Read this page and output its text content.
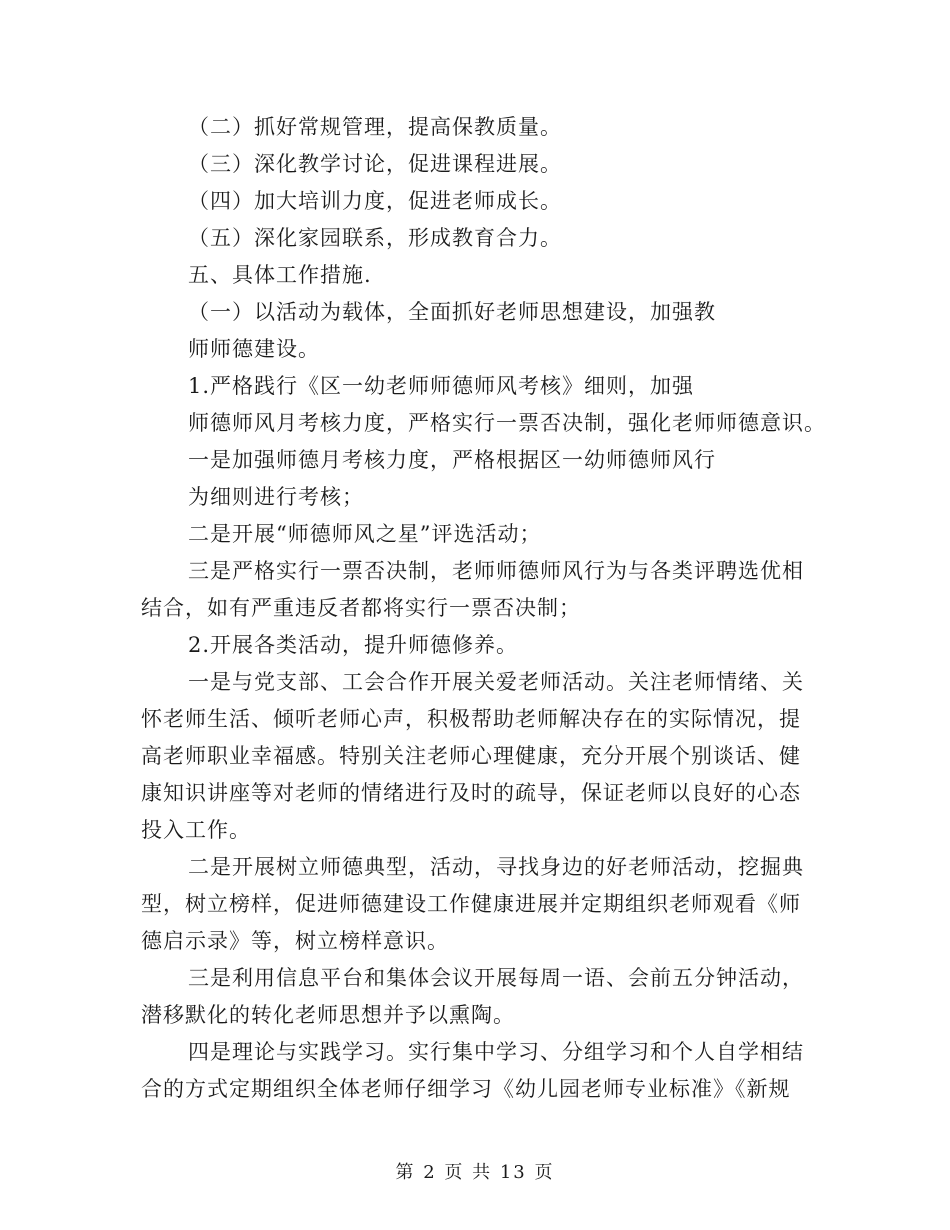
（二）抓好常规管理，提高保教质量。
（三）深化教学讨论，促进课程进展。
（四）加大培训力度，促进老师成长。
（五）深化家园联系，形成教育合力。
五、具体工作措施.
（一）以活动为载体，全面抓好老师思想建设，加强教
师师德建设。
1.严格践行《区一幼老师师德师风考核》细则，加强
师德师风月考核力度，严格实行一票否决制，强化老师师德意识。
一是加强师德月考核力度，严格根据区一幼师德师风行
为细则进行考核；
二是开展“师德师风之星”评选活动；
三是严格实行一票否决制，老师师德师风行为与各类评聘选优相
结合，如有严重违反者都将实行一票否决制；
2.开展各类活动，提升师德修养。
一是与党支部、工会合作开展关爱老师活动。关注老师情绪、关
怀老师生活、倾听老师心声，积极帮助老师解决存在的实际情况，提
高老师职业幸福感。特别关注老师心理健康，充分开展个别谈话、健
康知识讲座等对老师的情绪进行及时的疏导，保证老师以良好的心态
投入工作。
二是开展树立师德典型，活动，寻找身边的好老师活动，挖掘典
型，树立榜样，促进师德建设工作健康进展并定期组织老师观看《师
德启示录》等，树立榜样意识。
三是利用信息平台和集体会议开展每周一语、会前五分钟活动，
潜移默化的转化老师思想并予以熏陶。
四是理论与实践学习。实行集中学习、分组学习和个人自学相结
合的方式定期组织全体老师仔细学习《幼儿园老师专业标准》《新规
第 2 页 共 13 页
